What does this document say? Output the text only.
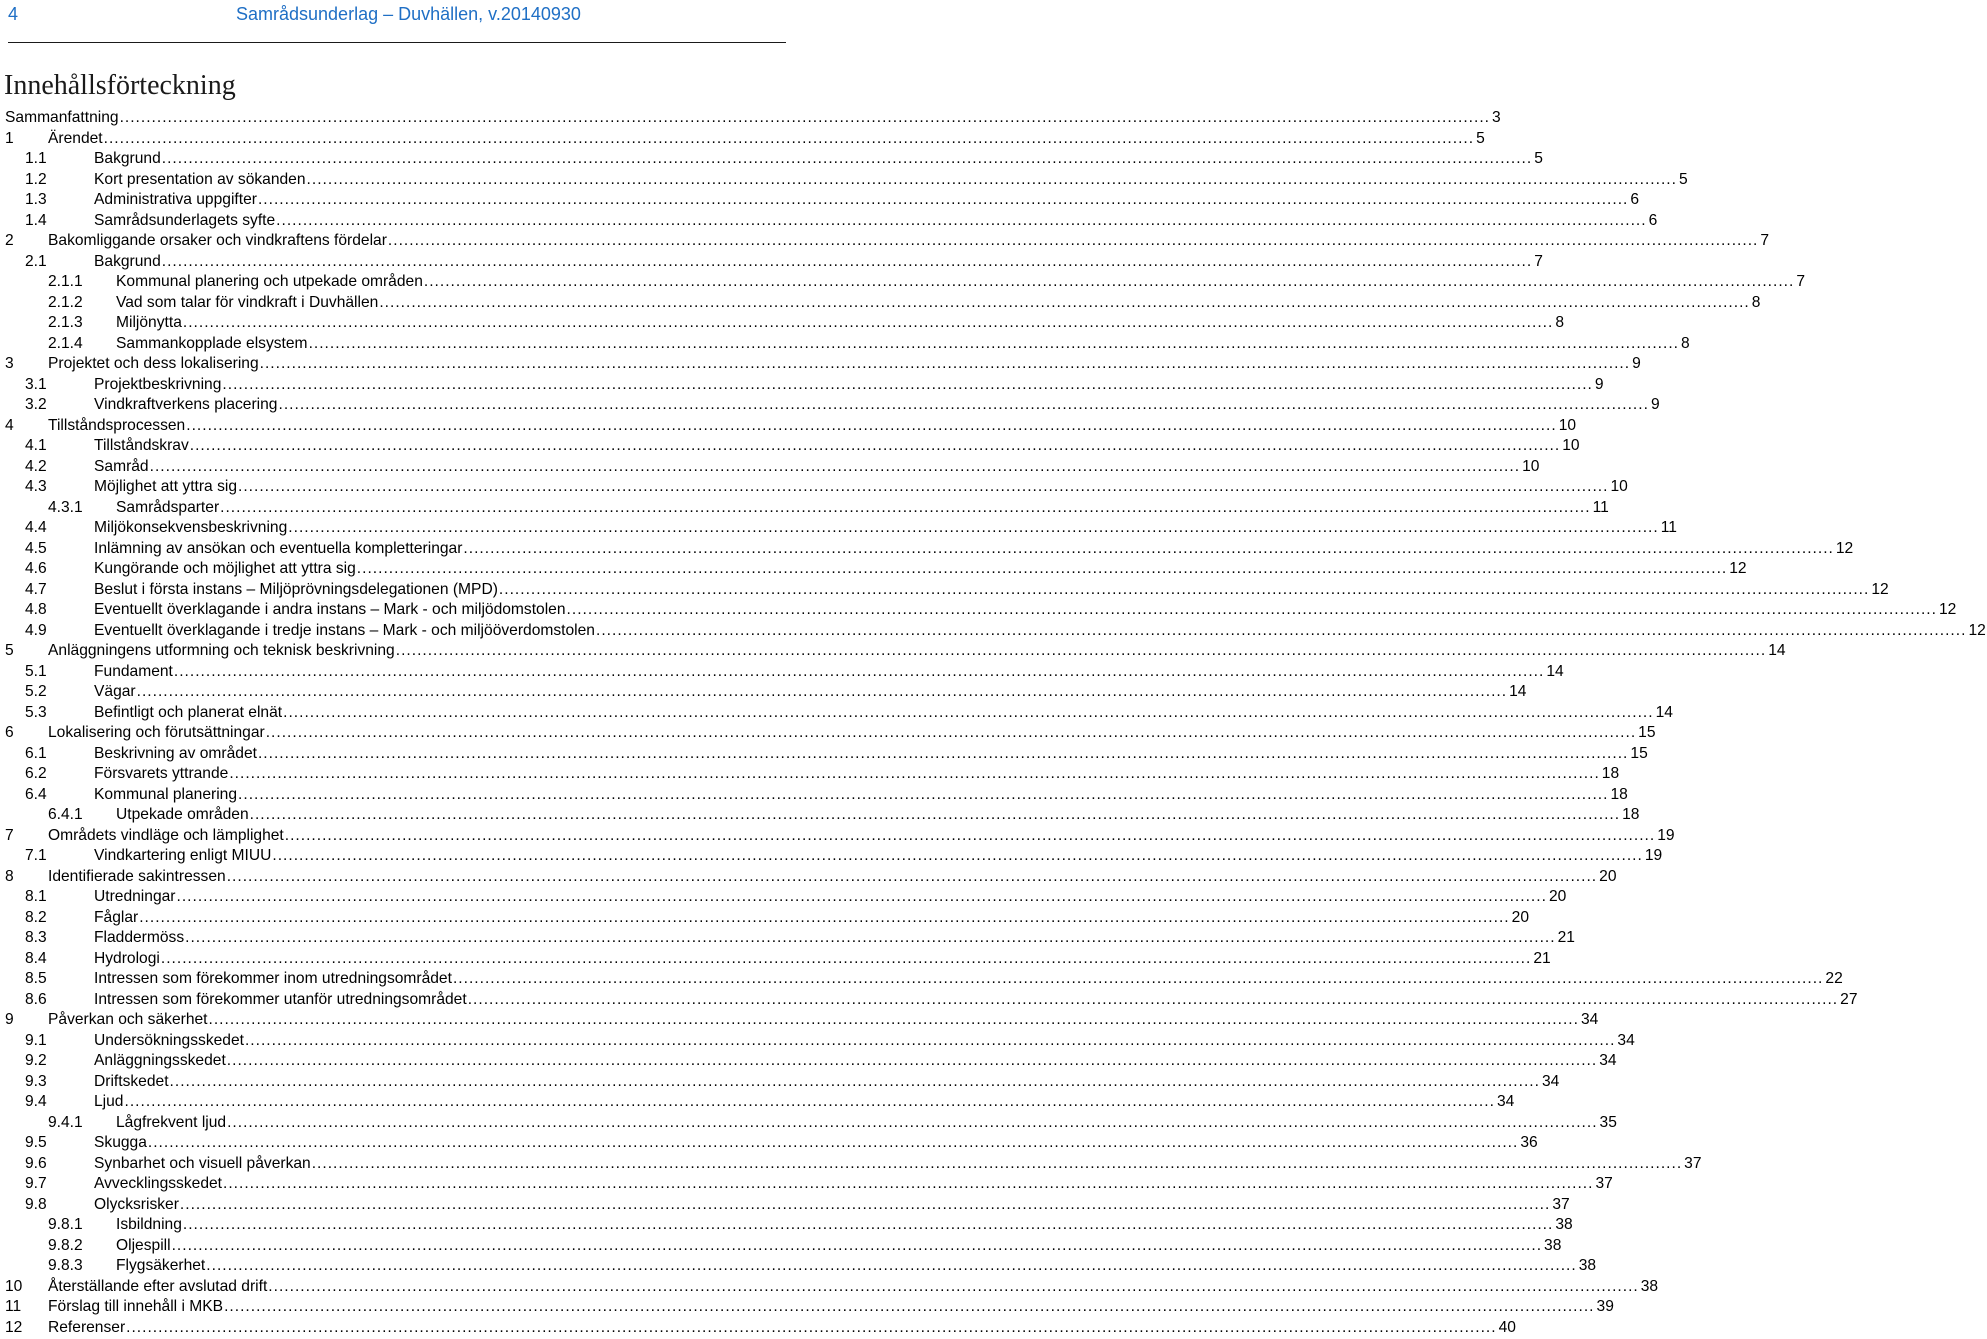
4	Samrådsunderlag – Duvhällen, v.20140930
Innehållsförteckning
Sammanfattning ................................................................................................................................................................................................................................................................. 3
1 Ärendet ................................................................................................................................................................................................................................................................. 5
1.1	Bakgrund ................................................................................................................................................................................................................................................................. 5
1.2	Kort presentation av sökanden ................................................................................................................................................................................................................................................................. 5
1.3	Administrativa uppgifter ................................................................................................................................................................................................................................................................. 6
1.4	Samrådsunderlagets syfte ................................................................................................................................................................................................................................................................. 6
2 Bakomliggande orsaker och vindkraftens fördelar ................................................................................................................................................................................................................................................................. 7
2.1	Bakgrund ................................................................................................................................................................................................................................................................. 7
2.1.1 Kommunal planering och utpekade områden ................................................................................................................................................................................................................................................................. 7
2.1.2 Vad som talar för vindkraft i Duvhällen ................................................................................................................................................................................................................................................................. 8
2.1.3 Miljönytta ................................................................................................................................................................................................................................................................. 8
2.1.4 Sammankopplade elsystem ................................................................................................................................................................................................................................................................. 8
3 Projektet och dess lokalisering ................................................................................................................................................................................................................................................................. 9
3.1	Projektbeskrivning ................................................................................................................................................................................................................................................................. 9
3.2	Vindkraftverkens placering ................................................................................................................................................................................................................................................................. 9
4 Tillståndsprocessen ................................................................................................................................................................................................................................................................. 10
4.1	Tillståndskrav ................................................................................................................................................................................................................................................................. 10
4.2	Samråd ................................................................................................................................................................................................................................................................. 10
4.3	Möjlighet att yttra sig ................................................................................................................................................................................................................................................................. 10
4.3.1 Samrådsparter ................................................................................................................................................................................................................................................................. 11
4.4	Miljökonsekvensbeskrivning ................................................................................................................................................................................................................................................................. 11
4.5	Inlämning av ansökan och eventuella kompletteringar ................................................................................................................................................................................................................................................................. 12
4.6	Kungörande och möjlighet att yttra sig ................................................................................................................................................................................................................................................................. 12
4.7	Beslut i första instans – Miljöprövningsdelegationen (MPD) ................................................................................................................................................................................................................................................................. 12
4.8	Eventuellt överklagande i andra instans – Mark - och miljödomstolen ................................................................................................................................................................................................................................................................. 12
4.9	Eventuellt överklagande i tredje instans – Mark - och miljööverdomstolen ................................................................................................................................................................................................................................................................. 12
5 Anläggningens utformning och teknisk beskrivning ................................................................................................................................................................................................................................................................. 14
5.1	Fundament ................................................................................................................................................................................................................................................................. 14
5.2	Vägar ................................................................................................................................................................................................................................................................. 14
5.3	Befintligt och planerat elnät ................................................................................................................................................................................................................................................................. 14
6 Lokalisering och förutsättningar ................................................................................................................................................................................................................................................................. 15
6.1	Beskrivning av området ................................................................................................................................................................................................................................................................. 15
6.2	Försvarets yttrande ................................................................................................................................................................................................................................................................. 18
6.4	Kommunal planering ................................................................................................................................................................................................................................................................. 18
6.4.1 Utpekade områden ................................................................................................................................................................................................................................................................. 18
7 Områdets vindläge och lämplighet ................................................................................................................................................................................................................................................................. 19
7.1	Vindkartering enligt MIUU ................................................................................................................................................................................................................................................................. 19
8 Identifierade sakintressen ................................................................................................................................................................................................................................................................. 20
8.1	Utredningar ................................................................................................................................................................................................................................................................. 20
8.2	Fåglar ................................................................................................................................................................................................................................................................. 20
8.3	Fladdermöss ................................................................................................................................................................................................................................................................. 21
8.4	Hydrologi ................................................................................................................................................................................................................................................................. 21
8.5	Intressen som förekommer inom utredningsområdet ................................................................................................................................................................................................................................................................. 22
8.6	Intressen som förekommer utanför utredningsområdet ................................................................................................................................................................................................................................................................. 27
9 Påverkan och säkerhet ................................................................................................................................................................................................................................................................. 34
9.1	Undersökningsskedet ................................................................................................................................................................................................................................................................. 34
9.2	Anläggningsskedet ................................................................................................................................................................................................................................................................. 34
9.3	Driftskedet ................................................................................................................................................................................................................................................................. 34
9.4	Ljud ................................................................................................................................................................................................................................................................. 34
9.4.1 Lågfrekvent ljud ................................................................................................................................................................................................................................................................. 35
9.5	Skugga ................................................................................................................................................................................................................................................................. 36
9.6	Synbarhet och visuell påverkan ................................................................................................................................................................................................................................................................. 37
9.7	Avvecklingsskedet ................................................................................................................................................................................................................................................................. 37
9.8	Olycksrisker ................................................................................................................................................................................................................................................................. 37
9.8.1 Isbildning ................................................................................................................................................................................................................................................................. 38
9.8.2 Oljespill ................................................................................................................................................................................................................................................................. 38
9.8.3 Flygsäkerhet ................................................................................................................................................................................................................................................................. 38
10 Återställande efter avslutad drift ................................................................................................................................................................................................................................................................. 38
11 Förslag till innehåll i MKB ................................................................................................................................................................................................................................................................. 39
12 Referenser ................................................................................................................................................................................................................................................................. 40
